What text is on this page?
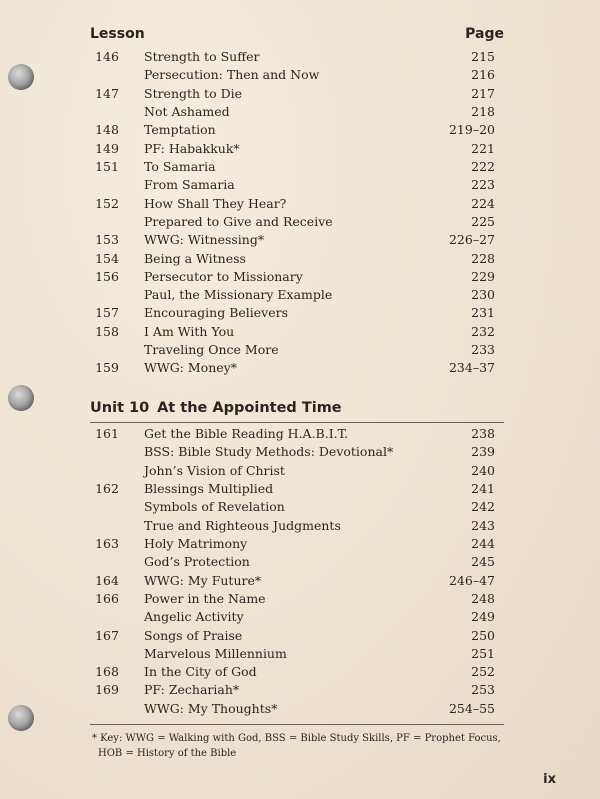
Lesson	Page
146 Strength to Suffer	215
Persecution: Then and Now	216
147 Strength to Die	217
Not Ashamed	218
148 Temptation	219–20
149 PF: Habakkuk*	221
151 To Samaria	222
From Samaria	223
152 How Shall They Hear?	224
Prepared to Give and Receive	225
153 WWG: Witnessing*	226–27
154 Being a Witness	228
156 Persecutor to Missionary	229
Paul, the Missionary Example	230
157 Encouraging Believers	231
158 I Am With You	232
Traveling Once More	233
159 WWG: Money*	234–37
Unit 10 At the Appointed Time
161 Get the Bible Reading H.A.B.I.T.	238
BSS: Bible Study Methods: Devotional*	239
John’s Vision of Christ	240
162 Blessings Multiplied	241
Symbols of Revelation	242
True and Righteous Judgments	243
163 Holy Matrimony	244
God’s Protection	245
164 WWG: My Future*	246–47
166 Power in the Name	248
Angelic Activity	249
167 Songs of Praise	250
Marvelous Millennium	251
168 In the City of God	252
169 PF: Zechariah*	253
WWG: My Thoughts*	254–55
* Key: WWG = Walking with God, BSS = Bible Study Skills, PF = Prophet Focus,
HOB = History of the Bible
ix
